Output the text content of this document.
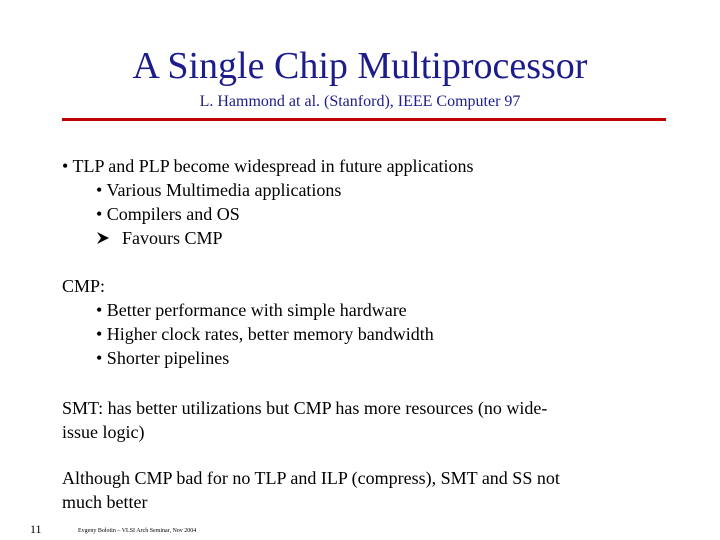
A Single Chip Multiprocessor
L. Hammond at al. (Stanford), IEEE Computer 97
• TLP and PLP become widespread in future applications
• Various Multimedia applications
• Compilers and OS
Favours CMP
CMP:
• Better performance with simple hardware
• Higher clock rates, better memory bandwidth
• Shorter pipelines
SMT: has better utilizations but CMP has more resources (no wide-
issue logic)
Although CMP bad for no TLP and ILP (compress), SMT and SS not
much better
11	Evgeny Bolotin – VLSI Arch Seminar, Nov 2004
